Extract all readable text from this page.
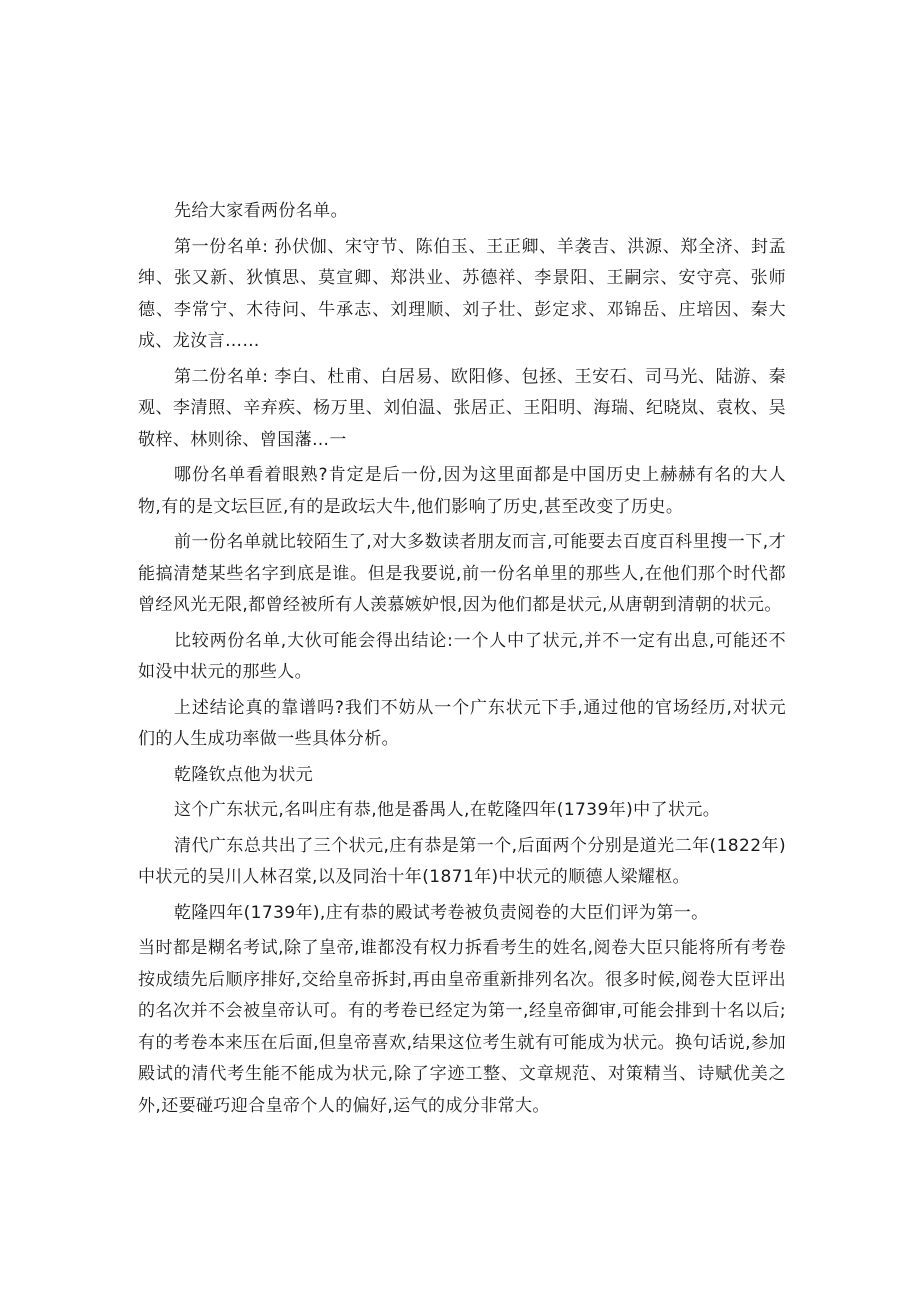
先给大家看两份名单。

第一份名单: 孙伏伽、宋守节、陈伯玉、王正卿、羊袭吉、洪源、郑全济、封孟绅、张又新、狄慎思、莫宣卿、郑洪业、苏德祥、李景阳、王嗣宗、安守亮、张师德、李常宁、木待问、牛承志、刘理顺、刘子壮、彭定求、邓锦岳、庄培因、秦大成、龙汝言……

第二份名单: 李白、杜甫、白居易、欧阳修、包拯、王安石、司马光、陆游、秦观、李清照、辛弃疾、杨万里、刘伯温、张居正、王阳明、海瑞、纪晓岚、袁枚、吴敬梓、林则徐、曾国藩…一

哪份名单看着眼熟?肯定是后一份,因为这里面都是中国历史上赫赫有名的大人物,有的是文坛巨匠,有的是政坛大牛,他们影响了历史,甚至改变了历史。

前一份名单就比较陌生了,对大多数读者朋友而言,可能要去百度百科里搜一下,才能搞清楚某些名字到底是谁。但是我要说,前一份名单里的那些人,在他们那个时代都曾经风光无限,都曾经被所有人羡慕嫉妒恨,因为他们都是状元,从唐朝到清朝的状元。

比较两份名单,大伙可能会得出结论:一个人中了状元,并不一定有出息,可能还不如没中状元的那些人。

上述结论真的靠谱吗?我们不妨从一个广东状元下手,通过他的官场经历,对状元们的人生成功率做一些具体分析。

乾隆钦点他为状元

这个广东状元,名叫庄有恭,他是番禺人,在乾隆四年(1739年)中了状元。

清代广东总共出了三个状元,庄有恭是第一个,后面两个分别是道光二年(1822年)中状元的吴川人林召棠,以及同治十年(1871年)中状元的顺德人梁耀枢。

乾隆四年(1739年),庄有恭的殿试考卷被负责阅卷的大臣们评为第一。

当时都是糊名考试,除了皇帝,谁都没有权力拆看考生的姓名,阅卷大臣只能将所有考卷按成绩先后顺序排好,交给皇帝拆封,再由皇帝重新排列名次。很多时候,阅卷大臣评出的名次并不会被皇帝认可。有的考卷已经定为第一,经皇帝御审,可能会排到十名以后;有的考卷本来压在后面,但皇帝喜欢,结果这位考生就有可能成为状元。换句话说,参加殿试的清代考生能不能成为状元,除了字迹工整、文章规范、对策精当、诗赋优美之外,还要碰巧迎合皇帝个人的偏好,运气的成分非常大。
